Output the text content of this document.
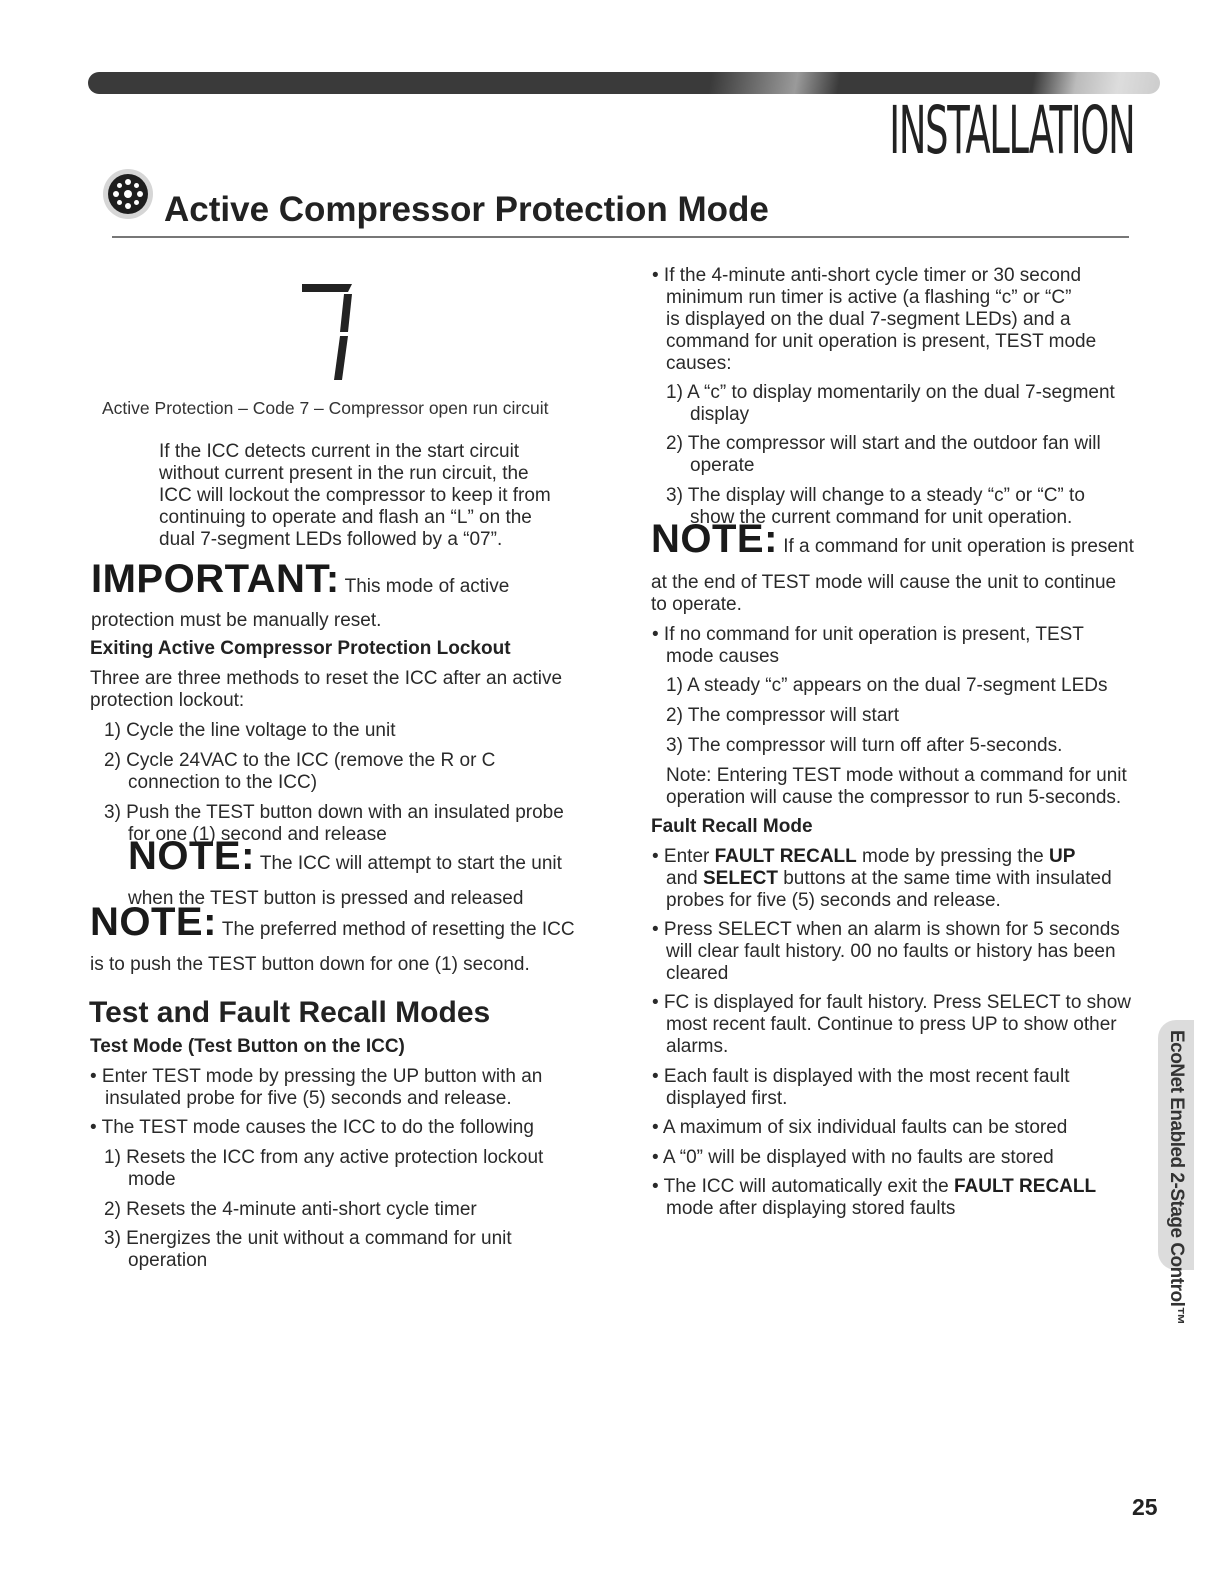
INSTALLATION
Active Compressor Protection Mode
Active Protection – Code 7 – Compressor open run circuit

If the ICC detects current in the start circuit

without current present in the run circuit, the

ICC will lockout the compressor to keep it from

continuing to operate and flash an “L” on the

dual 7-segment LEDs followed by a “07”.

IMPORTANT: This mode of active
protection must be manually reset.
Exiting Active Compressor Protection Lockout
Three are three methods to reset the ICC after an active
protection lockout:
1) Cycle the line voltage to the unit
2) Cycle 24VAC to the ICC (remove the R or C
connection to the ICC)
3) Push the TEST button down with an insulated probe
for one (1) second and release
NOTE: The ICC will attempt to start the unit
when the TEST button is pressed and released
NOTE: The preferred method of resetting the ICC
is to push the TEST button down for one (1) second.
Test and Fault Recall Modes
Test Mode (Test Button on the ICC)
• Enter TEST mode by pressing the UP button with an
insulated probe for five (5) seconds and release.
• The TEST mode causes the ICC to do the following
1) Resets the ICC from any active protection lockout
mode
2) Resets the 4-minute anti-short cycle timer
3) Energizes the unit without a command for unit
operation
• If the 4-minute anti-short cycle timer or 30 second

minimum run timer is active (a flashing “c” or “C”

is displayed on the dual 7-segment LEDs) and a

command for unit operation is present, TEST mode

causes:

1) A “c” to display momentarily on the dual 7-segment
display
2) The compressor will start and the outdoor fan will
operate
3) The display will change to a steady “c” or “C” to
show the current command for unit operation.
NOTE: If a command for unit operation is present
at the end of TEST mode will cause the unit to continue
to operate.
• If no command for unit operation is present, TEST
mode causes
1) A steady “c” appears on the dual 7-segment LEDs
2) The compressor will start
3) The compressor will turn off after 5-seconds.
Note: Entering TEST mode without a command for unit
operation will cause the compressor to run 5-seconds.
Fault Recall Mode
• Enter FAULT RECALL mode by pressing the UP
and SELECT buttons at the same time with insulated
probes for five (5) seconds and release.
• Press SELECT when an alarm is shown for 5 seconds
will clear fault history. 00 no faults or history has been
cleared
• FC is displayed for fault history. Press SELECT to show
most recent fault. Continue to press UP to show other
alarms.
• Each fault is displayed with the most recent fault
displayed first.
• A maximum of six individual faults can be stored
• A “0” will be displayed with no faults are stored
• The ICC will automatically exit the FAULT RECALL
mode after displaying stored faults	EcoNet Enabled 2-Stage Control™
25
